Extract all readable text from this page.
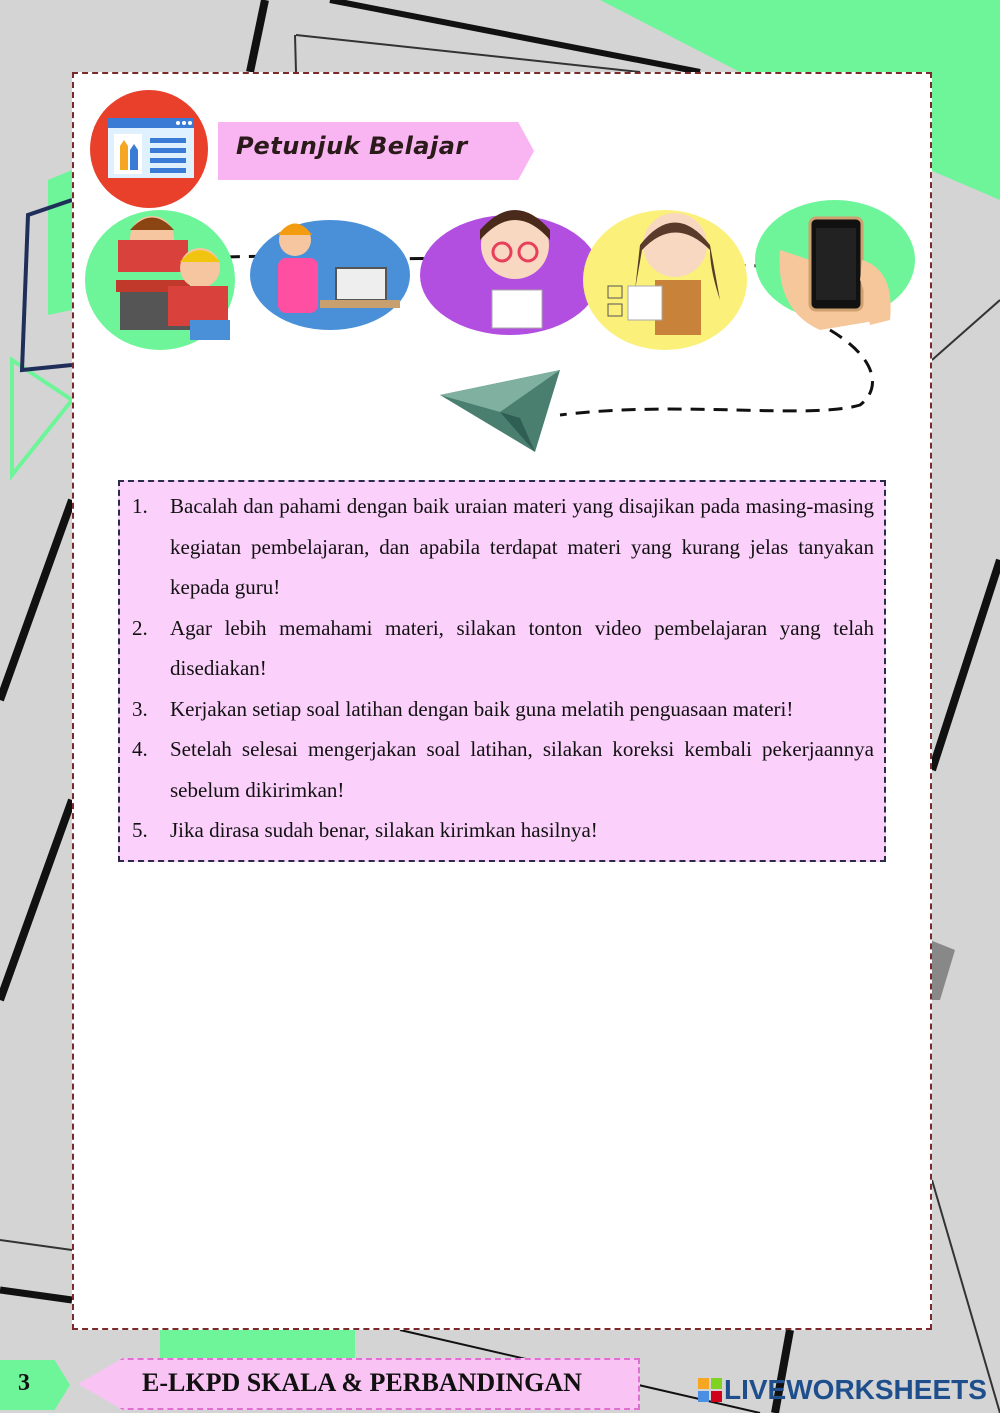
Petunjuk Belajar
1. Bacalah dan pahami dengan baik uraian materi yang disajikan pada masing-masing kegiatan pembelajaran, dan apabila terdapat materi yang kurang jelas tanyakan kepada guru!
2. Agar lebih memahami materi, silakan tonton video pembelajaran yang telah disediakan!
3. Kerjakan setiap soal latihan dengan baik guna melatih penguasaan materi!
4. Setelah selesai mengerjakan soal latihan, silakan koreksi kembali pekerjaannya sebelum dikirimkan!
5. Jika dirasa sudah benar, silakan kirimkan hasilnya!
3	E-LKPD SKALA & PERBANDINGAN	LIVEWORKSHEETS
